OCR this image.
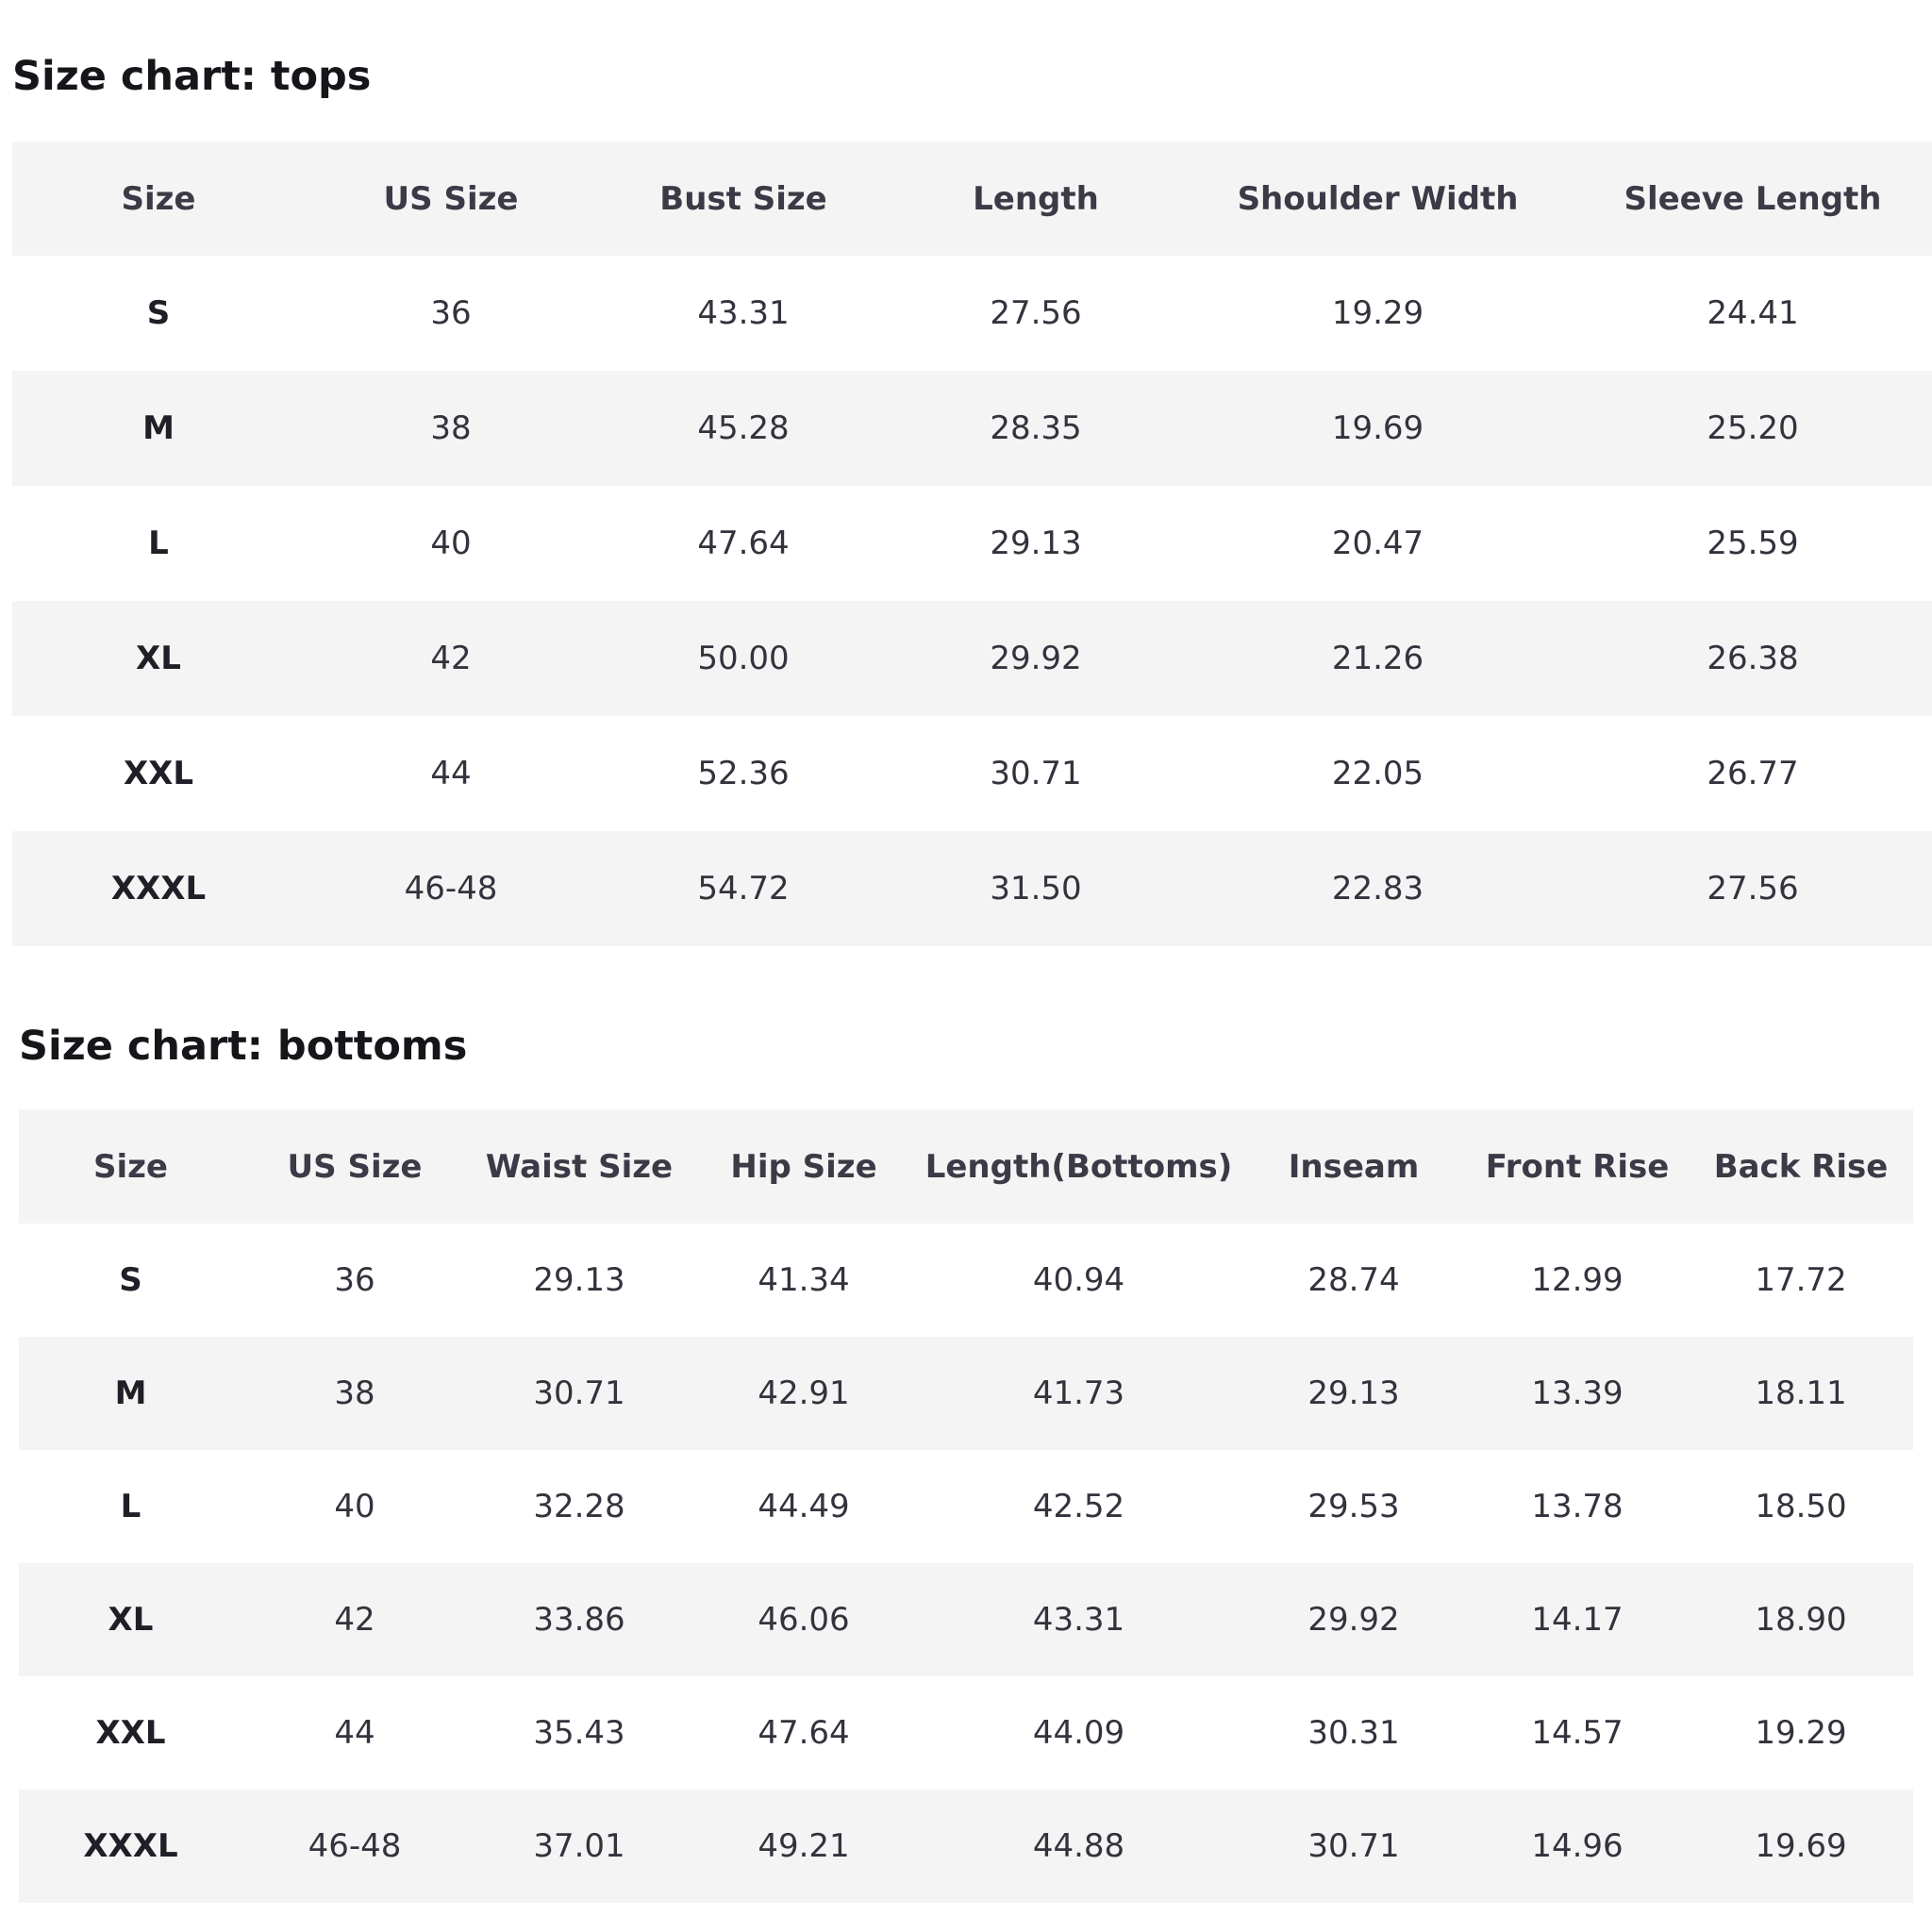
Size chart: tops
Size	US Size	Bust Size	Length	Shoulder Width	Sleeve Length
S	36	43.31	27.56	19.29	24.41
M	38	45.28	28.35	19.69	25.20
L	40	47.64	29.13	20.47	25.59
XL	42	50.00	29.92	21.26	26.38
XXL	44	52.36	30.71	22.05	26.77
XXXL	46-48	54.72	31.50	22.83	27.56
Size chart: bottoms
Size	US Size	Waist Size	Hip Size	Length(Bottoms)	Inseam	Front Rise	Back Rise
S	36	29.13	41.34	40.94	28.74	12.99	17.72
M	38	30.71	42.91	41.73	29.13	13.39	18.11
L	40	32.28	44.49	42.52	29.53	13.78	18.50
XL	42	33.86	46.06	43.31	29.92	14.17	18.90
XXL	44	35.43	47.64	44.09	30.31	14.57	19.29
XXXL	46-48	37.01	49.21	44.88	30.71	14.96	19.69
